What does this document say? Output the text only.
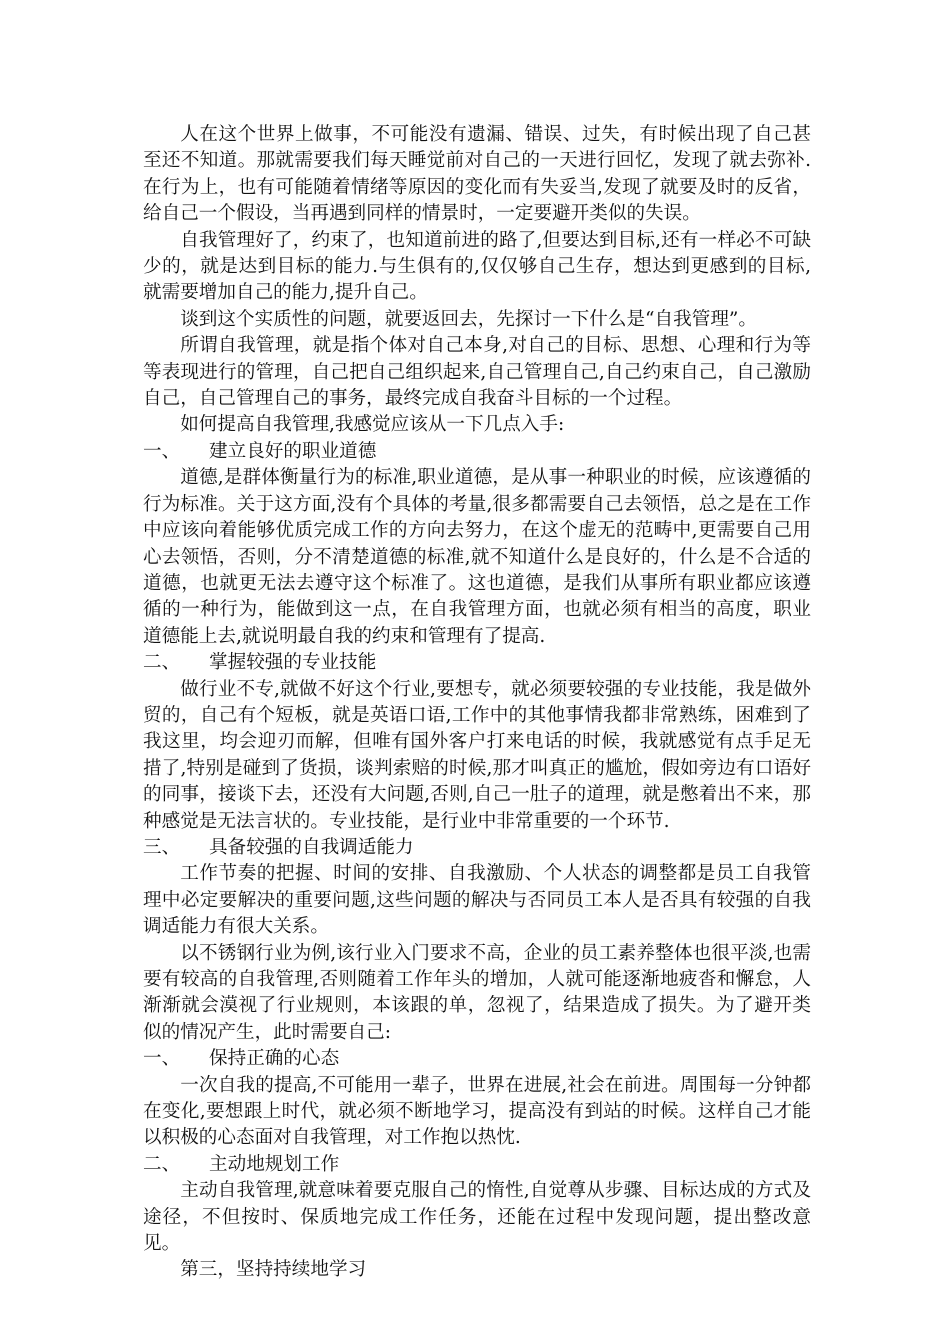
人在这个世界上做事，不可能没有遗漏、错误、过失，有时候出现了自己甚至还不知道。那就需要我们每天睡觉前对自己的一天进行回忆，发现了就去弥补.在行为上，也有可能随着情绪等原因的变化而有失妥当,发现了就要及时的反省，给自己一个假设，当再遇到同样的情景时，一定要避开类似的失误。

自我管理好了，约束了，也知道前进的路了,但要达到目标,还有一样必不可缺少的，就是达到目标的能力.与生俱有的,仅仅够自己生存，想达到更感到的目标,就需要增加自己的能力,提升自己。

谈到这个实质性的问题，就要返回去，先探讨一下什么是“自我管理”。

所谓自我管理，就是指个体对自己本身,对自己的目标、思想、心理和行为等等表现进行的管理，自己把自己组织起来,自己管理自己,自己约束自己，自己激励自己，自己管理自己的事务，最终完成自我奋斗目标的一个过程。

如何提高自我管理,我感觉应该从一下几点入手:

一、 建立良好的职业道德

道德,是群体衡量行为的标准,职业道德，是从事一种职业的时候，应该遵循的行为标准。关于这方面,没有个具体的考量,很多都需要自己去领悟，总之是在工作中应该向着能够优质完成工作的方向去努力，在这个虚无的范畴中,更需要自己用心去领悟，否则，分不清楚道德的标准,就不知道什么是良好的，什么是不合适的道德，也就更无法去遵守这个标准了。这也道德，是我们从事所有职业都应该遵循的一种行为，能做到这一点，在自我管理方面，也就必须有相当的高度，职业道德能上去,就说明最自我的约束和管理有了提高.

二、 掌握较强的专业技能

做行业不专,就做不好这个行业,要想专，就必须要较强的专业技能，我是做外贸的，自己有个短板，就是英语口语,工作中的其他事情我都非常熟练，困难到了我这里，均会迎刃而解，但唯有国外客户打来电话的时候，我就感觉有点手足无措了,特别是碰到了货损，谈判索赔的时候,那才叫真正的尴尬，假如旁边有口语好的同事，接谈下去，还没有大问题,否则,自己一肚子的道理，就是憋着出不来，那种感觉是无法言状的。专业技能，是行业中非常重要的一个环节.

三、 具备较强的自我调适能力

工作节奏的把握、时间的安排、自我激励、个人状态的调整都是员工自我管理中必定要解决的重要问题,这些问题的解决与否同员工本人是否具有较强的自我调适能力有很大关系。

以不锈钢行业为例,该行业入门要求不高，企业的员工素养整体也很平淡,也需要有较高的自我管理,否则随着工作年头的增加，人就可能逐渐地疲沓和懈怠，人渐渐就会漠视了行业规则，本该跟的单，忽视了，结果造成了损失。为了避开类似的情况产生，此时需要自己:

一、 保持正确的心态

一次自我的提高,不可能用一辈子，世界在进展,社会在前进。周围每一分钟都在变化,要想跟上时代，就必须不断地学习，提高没有到站的时候。这样自己才能以积极的心态面对自我管理，对工作抱以热忱.

二、 主动地规划工作

主动自我管理,就意味着要克服自己的惰性,自觉尊从步骤、目标达成的方式及途径，不但按时、保质地完成工作任务，还能在过程中发现问题，提出整改意见。

第三，坚持持续地学习
